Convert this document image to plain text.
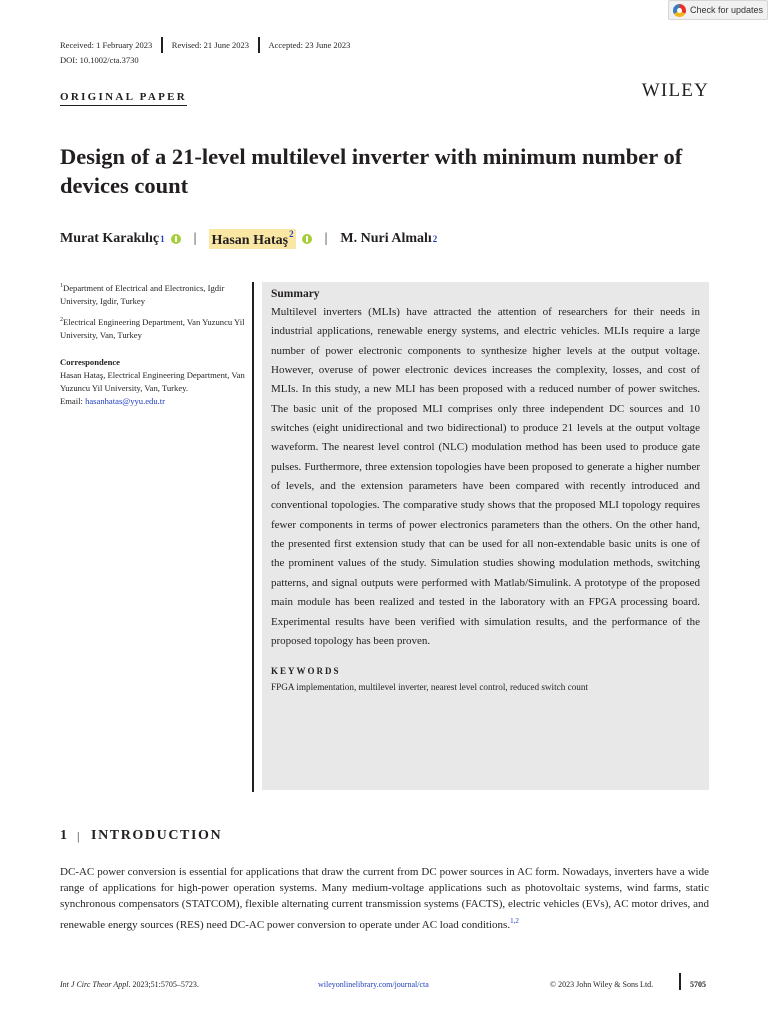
Check for updates
Received: 1 February 2023 Revised: 21 June 2023 Accepted: 23 June 2023
DOI: 10.1002/cta.3730
ORIGINAL PAPER	WILEY
Design of a 21-level multilevel inverter with minimum number of devices count
Murat Karakılıç 1 | Hasan Hataş$^2$ | M. Nuri Almalı 2
$^1$Department of Electrical and Electronics, Igdir University, Igdir, Turkey
$^2$Electrical Engineering Department, Van Yuzuncu Yil University, Van, Turkey
Correspondence
Hasan Hataş, Electrical Engineering Department, Van Yuzuncu Yil University, Van, Turkey.
Email: hasanhatas@yyu.edu.tr
Summary

Multilevel inverters (MLIs) have attracted the attention of researchers for their needs in industrial applications, renewable energy systems, and electric vehicles. MLIs require a large number of power electronic components to synthesize higher levels at the output voltage. However, overuse of power electronic devices increases the complexity, losses, and cost of MLIs. In this study, a new MLI has been proposed with a reduced number of power switches. The basic unit of the proposed MLI comprises only three independent DC sources and 10 switches (eight unidirectional and two bidirectional) to produce 21 levels at the output voltage waveform. The nearest level control (NLC) modulation method has been used to produce gate pulses. Furthermore, three extension topologies have been proposed to generate a higher number of levels, and the extension parameters have been compared with recently introduced and conventional topologies. The comparative study shows that the proposed MLI topology requires fewer components in terms of power electronics parameters than the others. On the other hand, the presented first extension study that can be used for all non-extendable basic units is one of the prominent values of the study. Simulation studies showing modulation methods, switching patterns, and signal outputs were performed with Matlab/Simulink. A prototype of the proposed main module has been realized and tested in the laboratory with an FPGA processing board. Experimental results have been verified with simulation results, and the performance of the proposed topology has been proven.

KEYWORDS
FPGA implementation, multilevel inverter, nearest level control, reduced switch count
1 | INTRODUCTION

DC-AC power conversion is essential for applications that draw the current from DC power sources in AC form. Nowadays, inverters have a wide range of applications for high-power operation systems. Many medium-voltage applications such as photovoltaic systems, wind farms, static synchronous compensators (STATCOM), flexible alternating current transmission systems (FACTS), electric vehicles (EVs), AC motor drives, and renewable energy sources (RES) need DC-AC power conversion to operate under AC load conditions.$^{1,2}$

Int J Circ Theor Appl. 2023;51:5705–5723.	wileyonlinelibrary.com/journal/cta	© 2023 John Wiley & Sons Ltd.	5705
